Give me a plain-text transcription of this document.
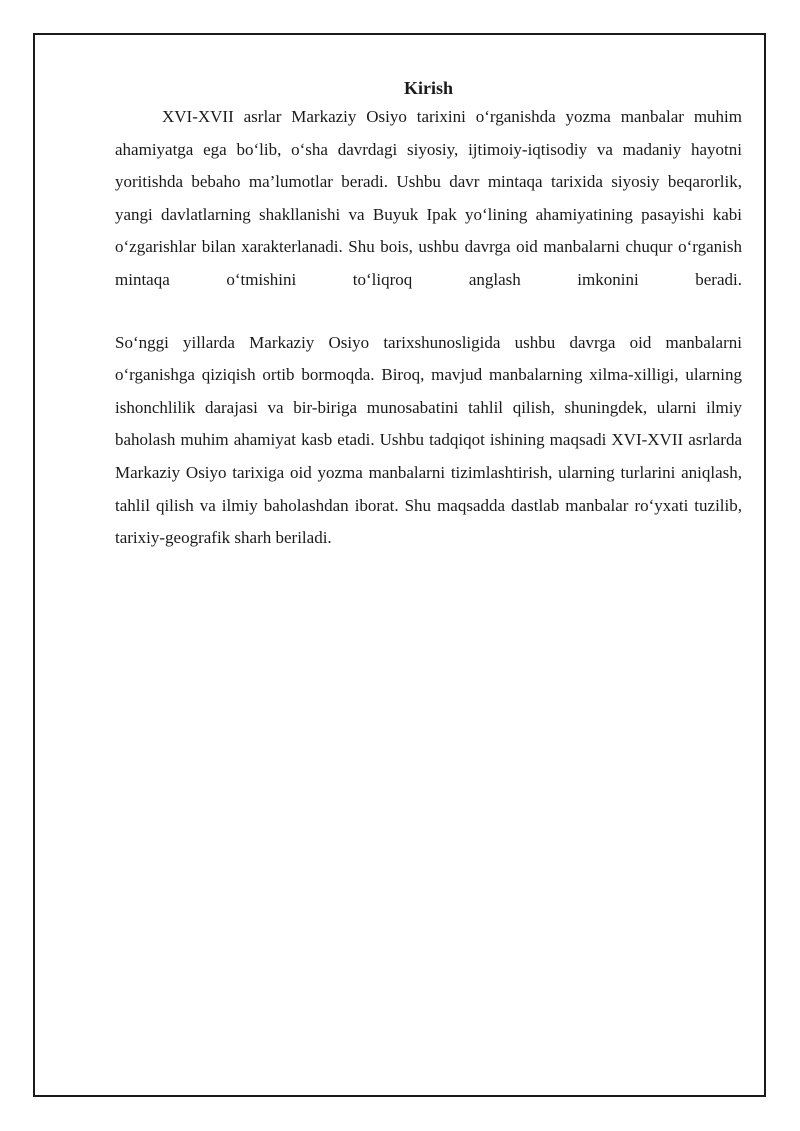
Kirish

XVI-XVII asrlar Markaziy Osiyo tarixini o‘rganishda yozma manbalar muhim ahamiyatga ega bo‘lib, o‘sha davrdagi siyosiy, ijtimoiy-iqtisodiy va madaniy hayotni yoritishda bebaho ma’lumotlar beradi. Ushbu davr mintaqa tarixida siyosiy beqarorlik, yangi davlatlarning shakllanishi va Buyuk Ipak yo‘lining ahamiyatining pasayishi kabi o‘zgarishlar bilan xarakterlanadi. Shu bois, ushbu davrga oid manbalarni chuqur o‘rganish mintaqa o‘tmishini to‘liqroq anglash imkonini beradi.

So‘nggi yillarda Markaziy Osiyo tarixshunosligida ushbu davrga oid manbalarni o‘rganishga qiziqish ortib bormoqda. Biroq, mavjud manbalarning xilma-xilligi, ularning ishonchlilik darajasi va bir-biriga munosabatini tahlil qilish, shuningdek, ularni ilmiy baholash muhim ahamiyat kasb etadi. Ushbu tadqiqot ishining maqsadi XVI-XVII asrlarda Markaziy Osiyo tarixiga oid yozma manbalarni tizimlashtirish, ularning turlarini aniqlash, tahlil qilish va ilmiy baholashdan iborat. Shu maqsadda dastlab manbalar ro‘yxati tuzilib, tarixiy-geografik sharh beriladi.
